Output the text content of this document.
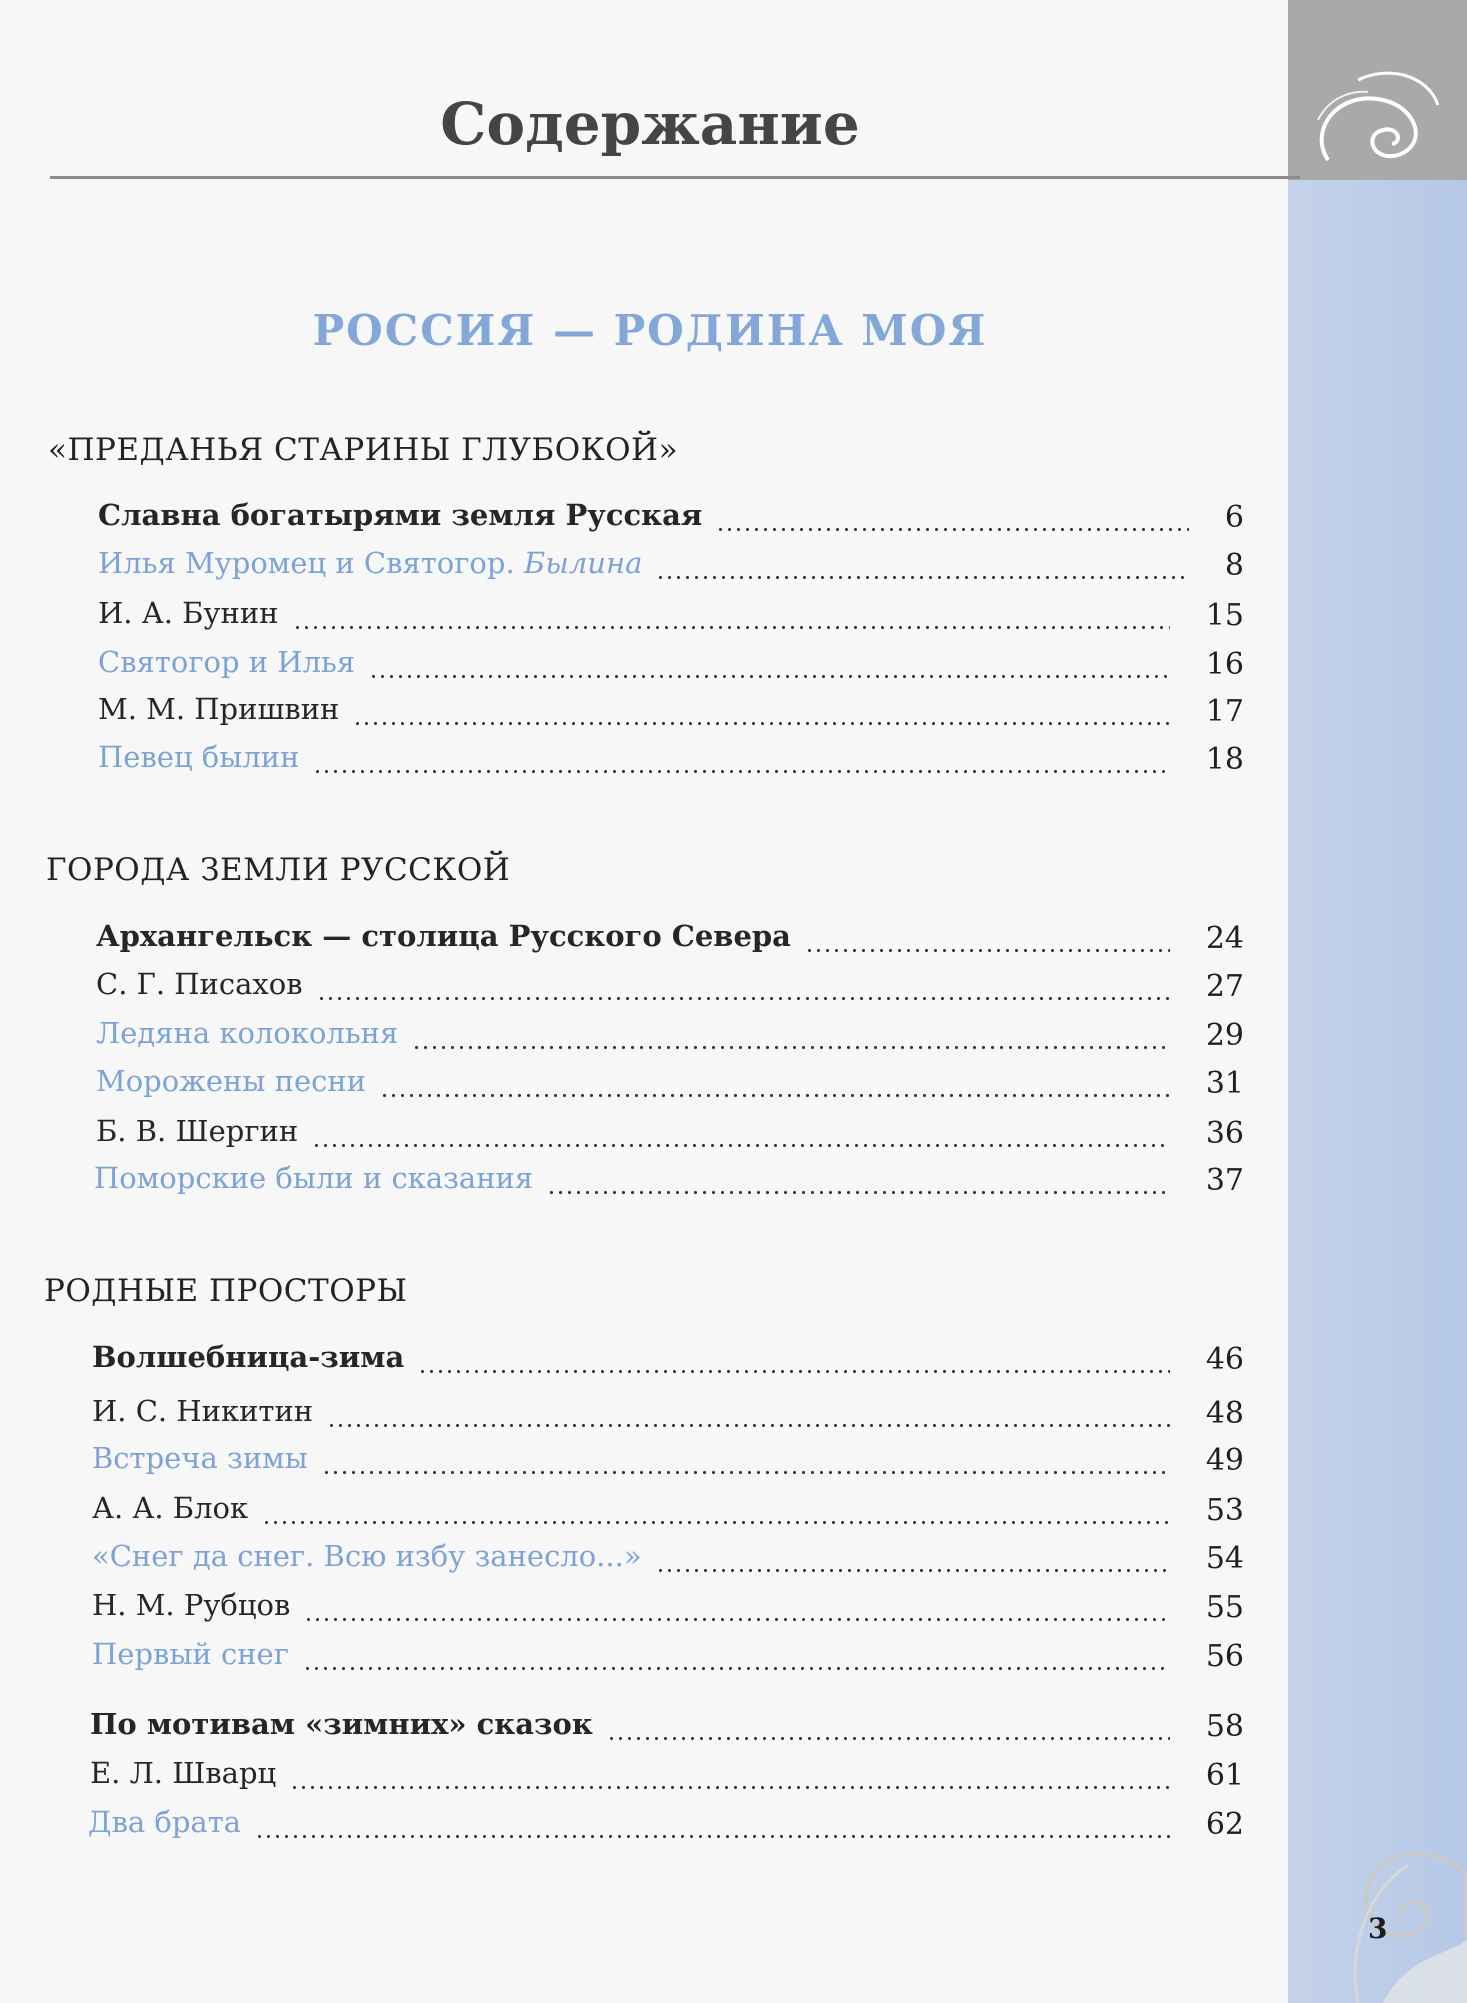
Содержание
РОССИЯ — РОДИНА МОЯ
«ПРЕДАНЬЯ СТАРИНЫ ГЛУБОКОЙ»
Славна богатырями земля Русская	6
Илья Муромец и Святогор. Былина	8
И. А. Бунин	15
Святогор и Илья	16
М. М. Пришвин	17
Певец былин	18
ГОРОДА ЗЕМЛИ РУССКОЙ
Архангельск — столица Русского Севера	24
С. Г. Писахов	27
Ледяна колокольня	29
Морожены песни	31
Б. В. Шергин	36
Поморские были и сказания	37
РОДНЫЕ ПРОСТОРЫ
Волшебница-зима	46
И. С. Никитин	48
Встреча зимы	49
А. А. Блок	53
«Снег да снег. Всю избу занесло...»	54
Н. М. Рубцов	55
Первый снег	56
По мотивам «зимних» сказок	58
Е. Л. Шварц	61
Два брата	62
3
